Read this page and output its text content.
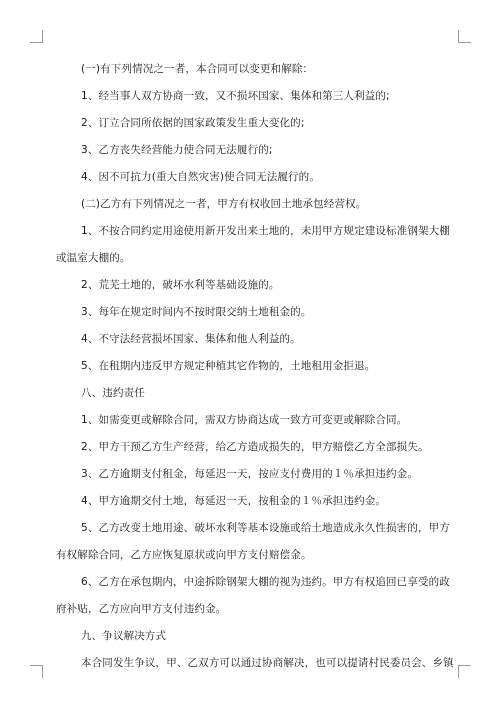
(一)有下列情况之一者，本合同可以变更和解除：
1、经当事人双方协商一致，又不损坏国家、集体和第三人利益的;
2、订立合同所依据的国家政策发生重大变化的;
3、乙方丧失经营能力使合同无法履行的;
4、因不可抗力(重大自然灾害)使合同无法履行的。
(二)乙方有下列情况之一者，甲方有权收回土地承包经营权。
1、不按合同约定用途使用新开发出来土地的，未用甲方规定建设标准钢架大棚
或温室大棚的。
2、荒芜土地的，破坏水利等基础设施的。
3、每年在规定时间内不按时限交纳土地租金的。
4、不守法经营损坏国家、集体和他人利益的。
5、在租期内违反甲方规定种植其它作物的，土地租用金拒退。
八、违约责任
1、如需变更或解除合同，需双方协商达成一致方可变更或解除合同。
2、甲方干预乙方生产经营，给乙方造成损失的，甲方赔偿乙方全部损失。
3、乙方逾期支付租金，每延迟一天，按应支付费用的１％承担违约金。
4、甲方逾期交付土地，每延迟一天，按租金的１％承担违约金。
5、乙方改变土地用途、破坏水利等基本设施或给土地造成永久性损害的，甲方
有权解除合同，乙方应恢复原状或向甲方支付赔偿金。
6、乙方在承包期内，中途拆除钢架大棚的视为违约。甲方有权追回已享受的政
府补贴，乙方应向甲方支付违约金。
九、争议解决方式
本合同发生争议，甲、乙双方可以通过协商解决，也可以提请村民委员会、乡镇
